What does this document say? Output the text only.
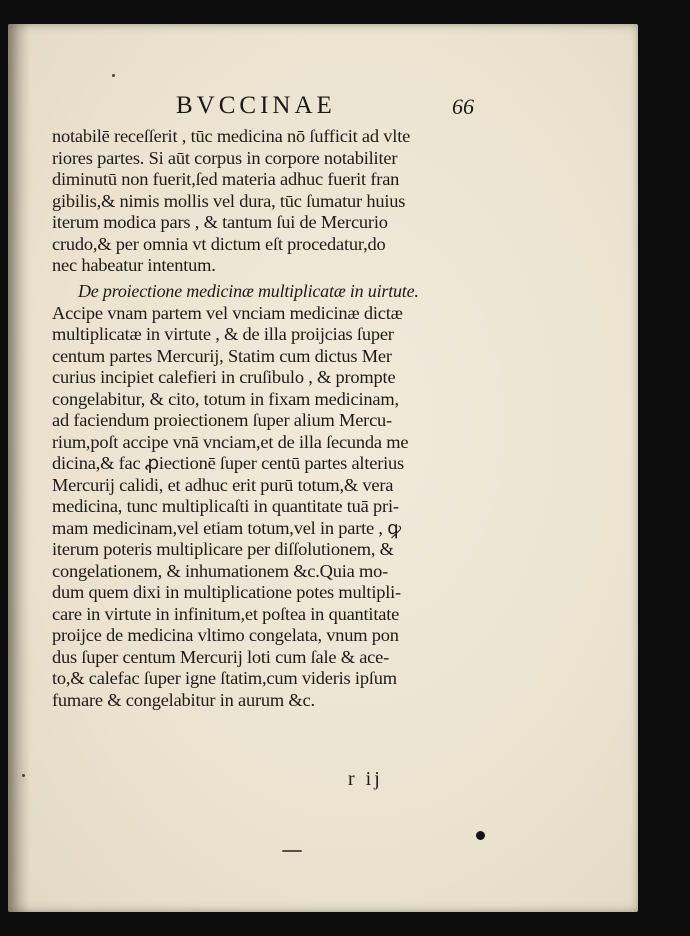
BVCCINAE	66
notabilē receſſerit , tūc medicina nō ſufficit ad vlte
riores partes. Si aūt corpus in corpore notabiliter
diminutū non fuerit,ſed materia adhuc fuerit fran
gibilis,& nimis mollis vel dura, tūc ſumatur huius
iterum modica pars , & tantum ſui de Mercurio
crudo,& per omnia vt dictum eſt procedatur,do
nec habeatur intentum.
De proiectione medicinæ multiplicatæ in uirtute.
Accipe vnam partem vel vnciam medicinæ dictæ
multiplicatæ in virtute , & de illa proijcias ſuper
centum partes Mercurij, Statim cum dictus Mer
curius incipiet calefieri in cruſibulo , & prompte
congelabitur, & cito, totum in fixam medicinam,
ad faciendum proiectionem ſuper alium Mercu-
rium,poſt accipe vnā vnciam,et de illa ſecunda me
dicina,& fac ꝓiectionē ſuper centū partes alterius
Mercurij calidi, et adhuc erit purū totum,& vera
medicina, tunc multiplicaſti in quantitate tuā pri-
mam medicinam,vel etiam totum,vel in parte , ꝙ
iterum poteris multiplicare per diſſolutionem, &
congelationem, & inhumationem &c.Quia mo-
dum quem dixi in multiplicatione potes multipli-
care in virtute in infinitum,et poſtea in quantitate
proijce de medicina vltimo congelata, vnum pon
dus ſuper centum Mercurij loti cum ſale & ace-
to,& calefac ſuper igne ſtatim,cum videris ipſum
fumare & congelabitur in aurum &c.
r ij
